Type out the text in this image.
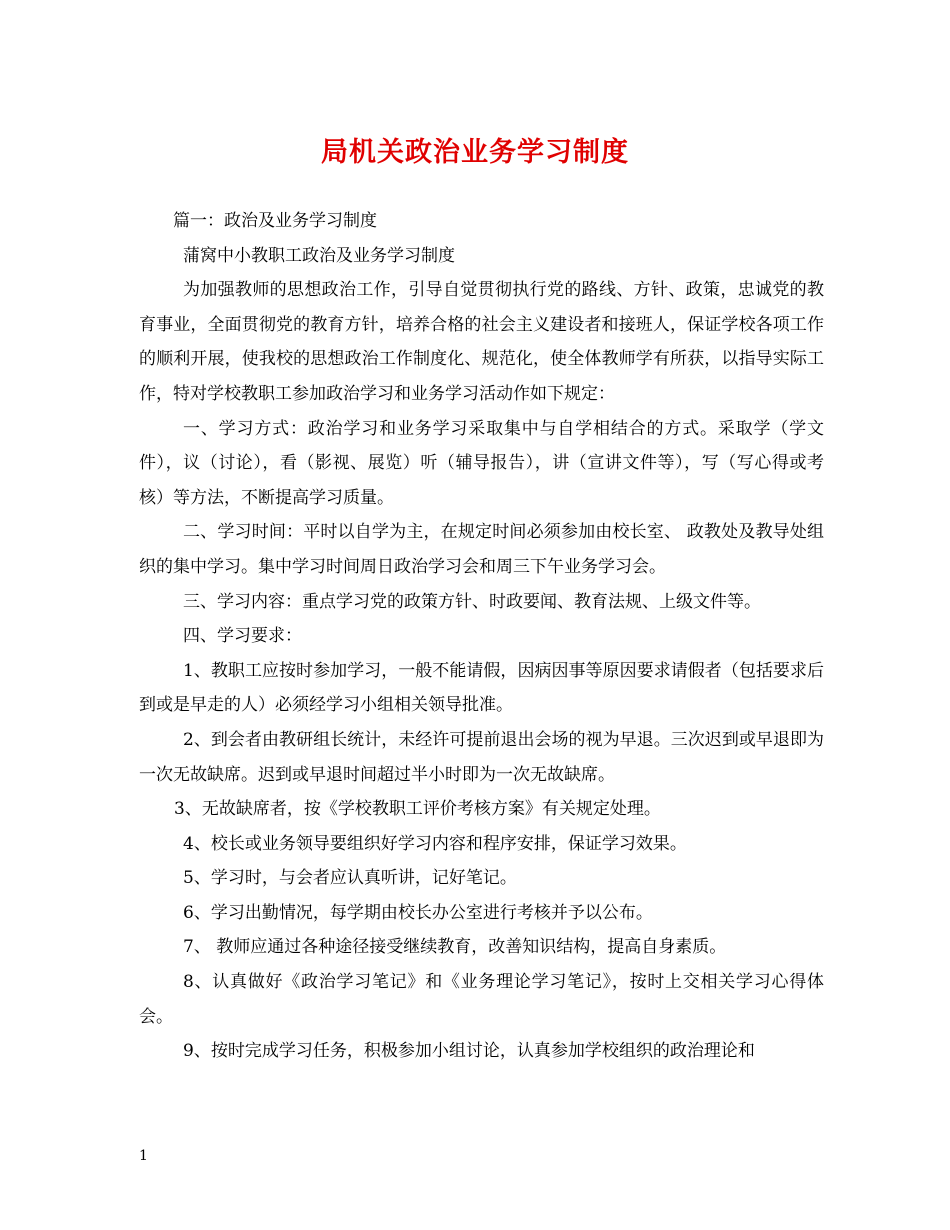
局机关政治业务学习制度

篇一：政治及业务学习制度

蒲窝中小教职工政治及业务学习制度

为加强教师的思想政治工作，引导自觉贯彻执行党的路线、方针、政策，忠诚党的教育事业，全面贯彻党的教育方针，培养合格的社会主义建设者和接班人，保证学校各项工作的顺利开展，使我校的思想政治工作制度化、规范化，使全体教师学有所获，以指导实际工作，特对学校教职工参加政治学习和业务学习活动作如下规定：

一、学习方式：政治学习和业务学习采取集中与自学相结合的方式。采取学（学文件），议（讨论），看（影视、展览）听（辅导报告），讲（宣讲文件等），写（写心得或考核）等方法，不断提高学习质量。

二、学习时间：平时以自学为主，在规定时间必须参加由校长室、 政教处及教导处组织的集中学习。集中学习时间周日政治学习会和周三下午业务学习会。

三、学习内容：重点学习党的政策方针、时政要闻、教育法规、上级文件等。

四、学习要求：

1、教职工应按时参加学习，一般不能请假，因病因事等原因要求请假者（包括要求后到或是早走的人）必须经学习小组相关领导批准。

2、到会者由教研组长统计，未经许可提前退出会场的视为早退。三次迟到或早退即为一次无故缺席。迟到或早退时间超过半小时即为一次无故缺席。

3、无故缺席者，按《学校教职工评价考核方案》有关规定处理。

4、校长或业务领导要组织好学习内容和程序安排，保证学习效果。

5、学习时，与会者应认真听讲，记好笔记。

6、学习出勤情况，每学期由校长办公室进行考核并予以公布。

7、 教师应通过各种途径接受继续教育，改善知识结构，提高自身素质。

8、认真做好《政治学习笔记》和《业务理论学习笔记》，按时上交相关学习心得体会。

9、按时完成学习任务，积极参加小组讨论，认真参加学校组织的政治理论和

1
